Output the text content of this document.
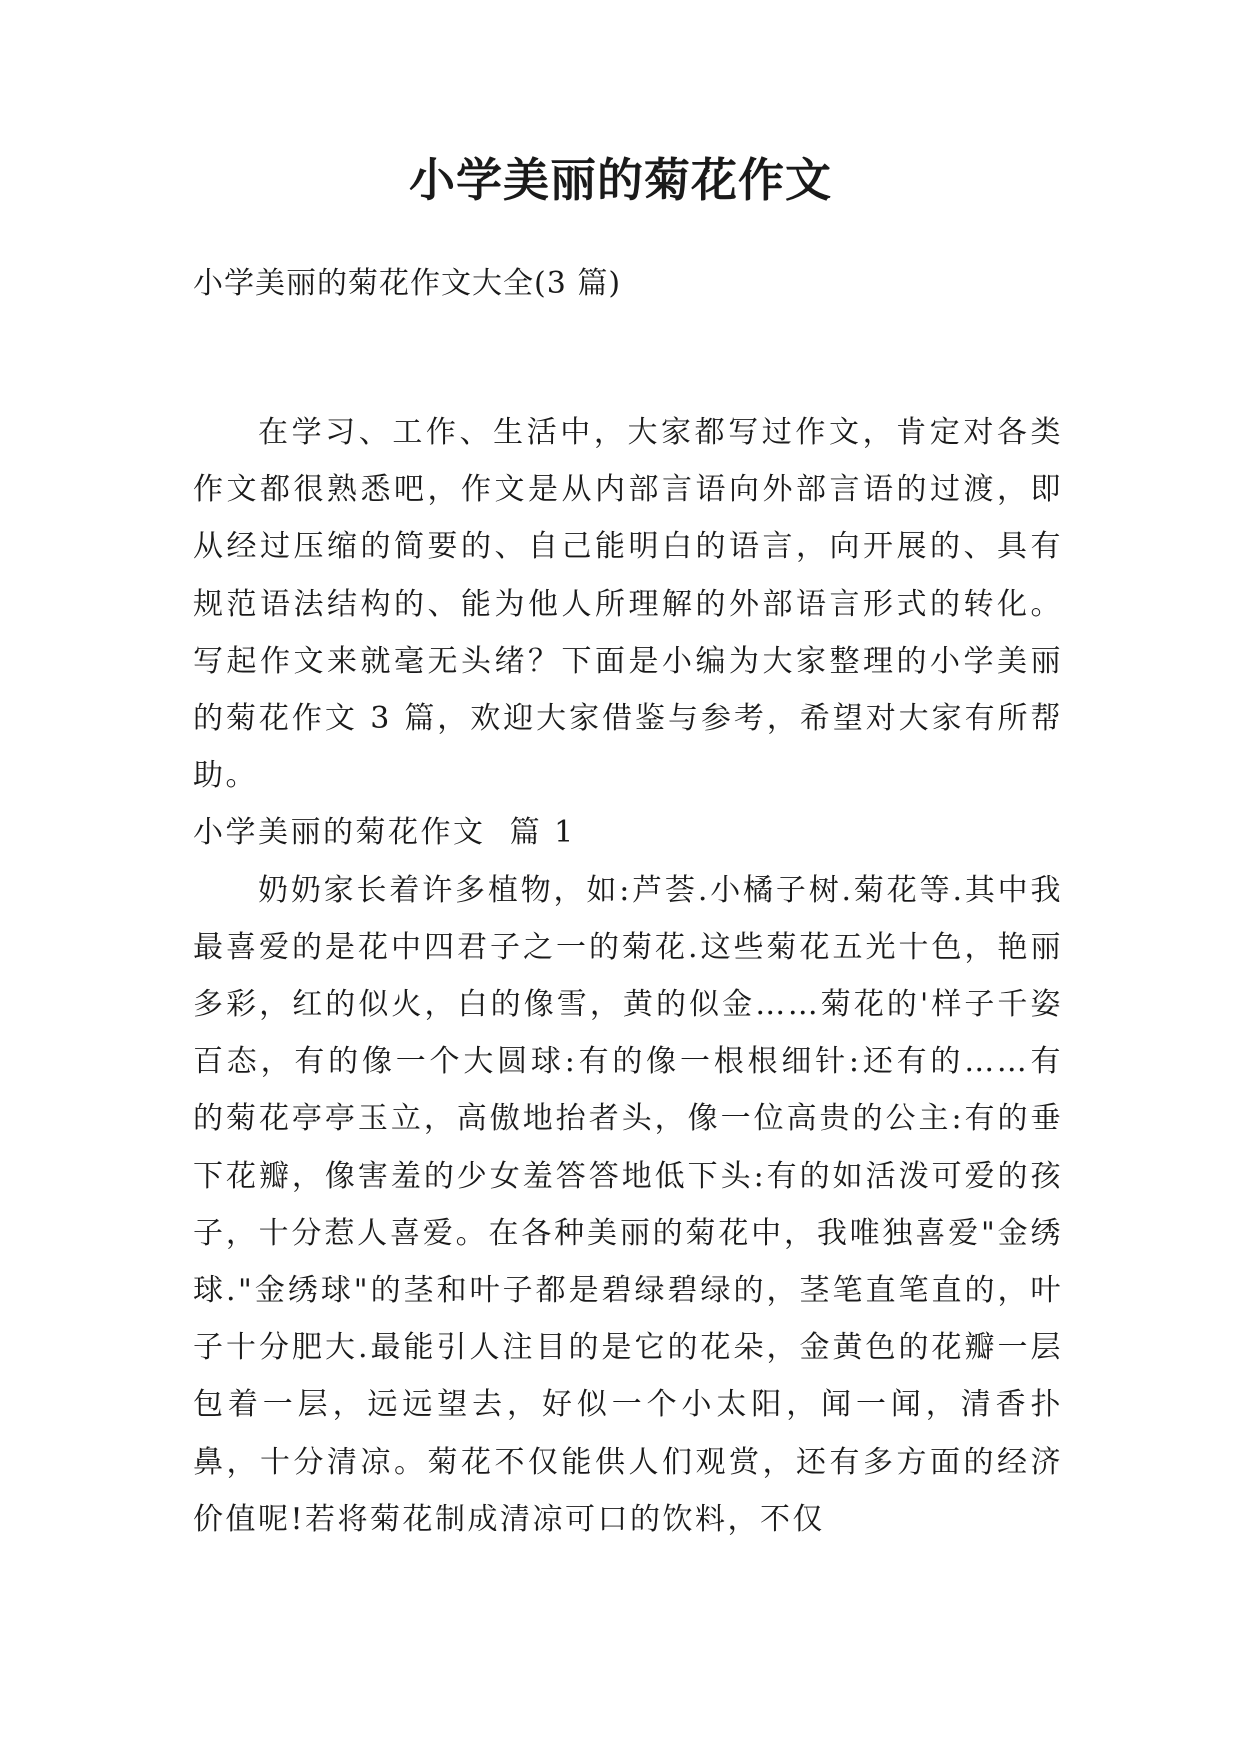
小学美丽的菊花作文

小学美丽的菊花作文大全(3 篇)

在学习、工作、生活中，大家都写过作文，肯定对各类作文都很熟悉吧，作文是从内部言语向外部言语的过渡，即从经过压缩的简要的、自己能明白的语言，向开展的、具有规范语法结构的、能为他人所理解的外部语言形式的转化。写起作文来就毫无头绪？下面是小编为大家整理的小学美丽的菊花作文 3 篇，欢迎大家借鉴与参考，希望对大家有所帮助。

小学美丽的菊花作文  篇 1

奶奶家长着许多植物，如:芦荟.小橘子树.菊花等.其中我最喜爱的是花中四君子之一的菊花.这些菊花五光十色，艳丽多彩，红的似火，白的像雪，黄的似金……菊花的'样子千姿百态，有的像一个大圆球:有的像一根根细针:还有的……有的菊花亭亭玉立，高傲地抬者头，像一位高贵的公主:有的垂下花瓣，像害羞的少女羞答答地低下头:有的如活泼可爱的孩子，十分惹人喜爱。在各种美丽的菊花中，我唯独喜爱"金绣球."金绣球"的茎和叶子都是碧绿碧绿的，茎笔直笔直的，叶子十分肥大.最能引人注目的是它的花朵，金黄色的花瓣一层包着一层，远远望去，好似一个小太阳，闻一闻，清香扑鼻，十分清凉。菊花不仅能供人们观赏，还有多方面的经济价值呢!若将菊花制成清凉可口的饮料，不仅
